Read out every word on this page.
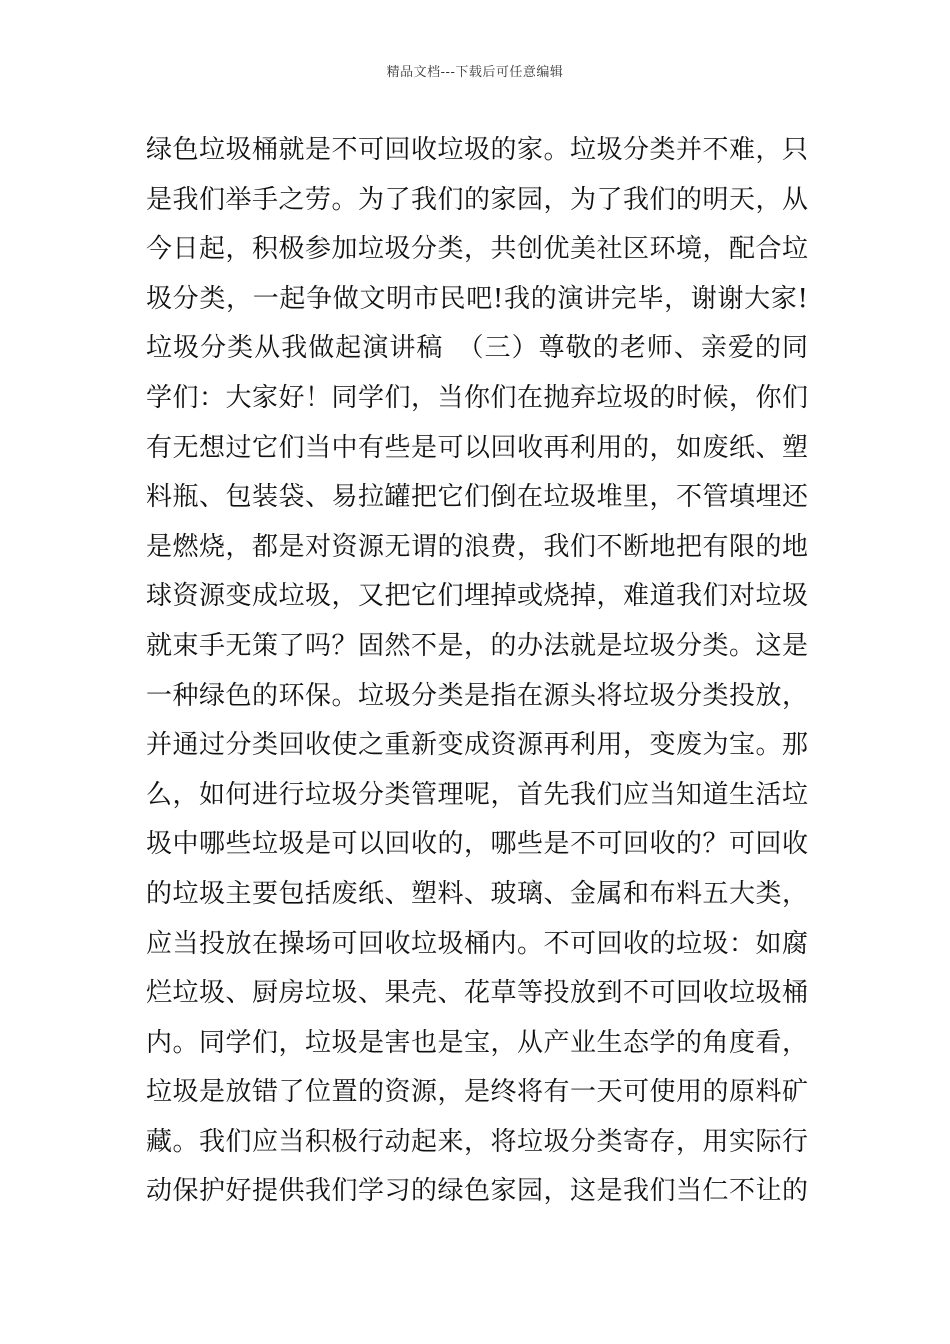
精品文档---下载后可任意编辑
绿色垃圾桶就是不可回收垃圾的家。垃圾分类并不难，只
是我们举手之劳。为了我们的家园，为了我们的明天，从
今日起，积极参加垃圾分类，共创优美社区环境，配合垃
圾分类，一起争做文明市民吧!我的演讲完毕，谢谢大家!
垃圾分类从我做起演讲稿　（三）尊敬的老师、亲爱的同
学们：大家好！同学们，当你们在抛弃垃圾的时候，你们
有无想过它们当中有些是可以回收再利用的，如废纸、塑
料瓶、包装袋、易拉罐把它们倒在垃圾堆里，不管填埋还
是燃烧，都是对资源无谓的浪费，我们不断地把有限的地
球资源变成垃圾，又把它们埋掉或烧掉，难道我们对垃圾
就束手无策了吗？固然不是，的办法就是垃圾分类。这是
一种绿色的环保。垃圾分类是指在源头将垃圾分类投放，
并通过分类回收使之重新变成资源再利用，变废为宝。那
么，如何进行垃圾分类管理呢，首先我们应当知道生活垃
圾中哪些垃圾是可以回收的，哪些是不可回收的？可回收
的垃圾主要包括废纸、塑料、玻璃、金属和布料五大类，
应当投放在操场可回收垃圾桶内。不可回收的垃圾：如腐
烂垃圾、厨房垃圾、果壳、花草等投放到不可回收垃圾桶
内。同学们，垃圾是害也是宝，从产业生态学的角度看，
垃圾是放错了位置的资源，是终将有一天可使用的原料矿
藏。我们应当积极行动起来，将垃圾分类寄存，用实际行
动保护好提供我们学习的绿色家园，这是我们当仁不让的
